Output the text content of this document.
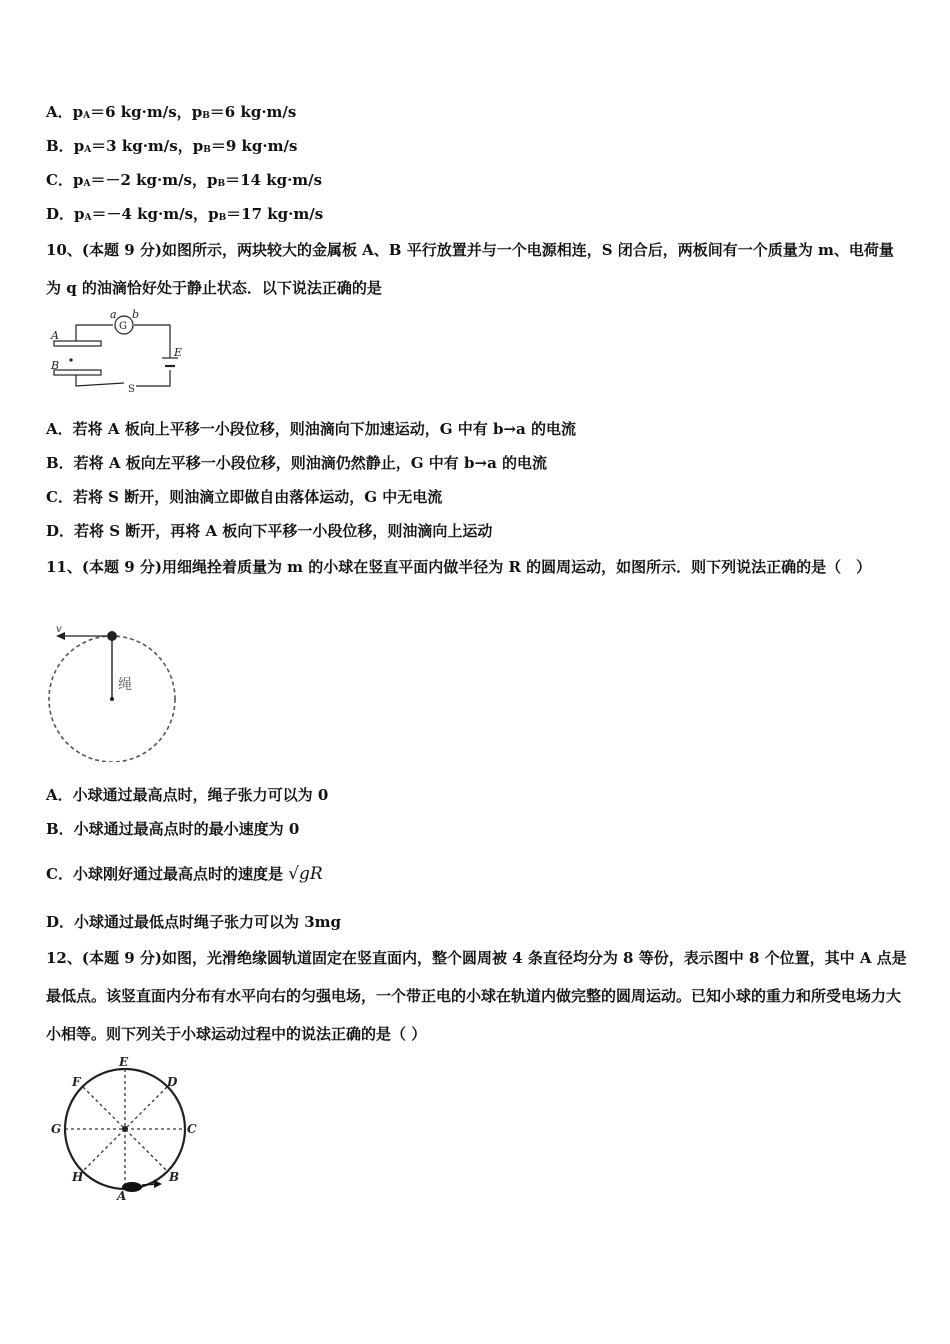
A．$p_A=6$ kg·m/s，$p_B=6$ kg·m/s
B．$p_A=3$ kg·m/s，$p_B=9$ kg·m/s
C．$p_A=-2$ kg·m/s，$p_B=14$ kg·m/s
D．$p_A=-4$ kg·m/s，$p_B=17$ kg·m/s
10、(本题 9 分)如图所示，两块较大的金属板 A、B 平行放置并与一个电源相连，S 闭合后，两板间有一个质量为 m、电荷量为 q 的油滴恰好处于静止状态．以下说法正确的是
a
G
b
A
B
E
S
A．若将 A 板向上平移一小段位移，则油滴向下加速运动，G 中有 b→a 的电流
B．若将 A 板向左平移一小段位移，则油滴仍然静止，G 中有 b→a 的电流
C．若将 S 断开，则油滴立即做自由落体运动，G 中无电流
D．若将 S 断开，再将 A 板向下平移一小段位移，则油滴向上运动
11、(本题 9 分)用细绳拴着质量为 m 的小球在竖直平面内做半径为 R 的圆周运动，如图所示．则下列说法正确的是（　）
v
绳
A．小球通过最高点时，绳子张力可以为 0
B．小球通过最高点时的最小速度为 0
C．小球刚好通过最高点时的速度是 √gR
D．小球通过最低点时绳子张力可以为 3mg
12、(本题 9 分)如图，光滑绝缘圆轨道固定在竖直面内，整个圆周被 4 条直径均分为 8 等份，表示图中 8 个位置，其中 A 点是最低点。该竖直面内分布有水平向右的匀强电场，一个带正电的小球在轨道内做完整的圆周运动。已知小球的重力和所受电场力大小相等。则下列关于小球运动过程中的说法正确的是（ ）
E
D
F
C
G
H	B
A
